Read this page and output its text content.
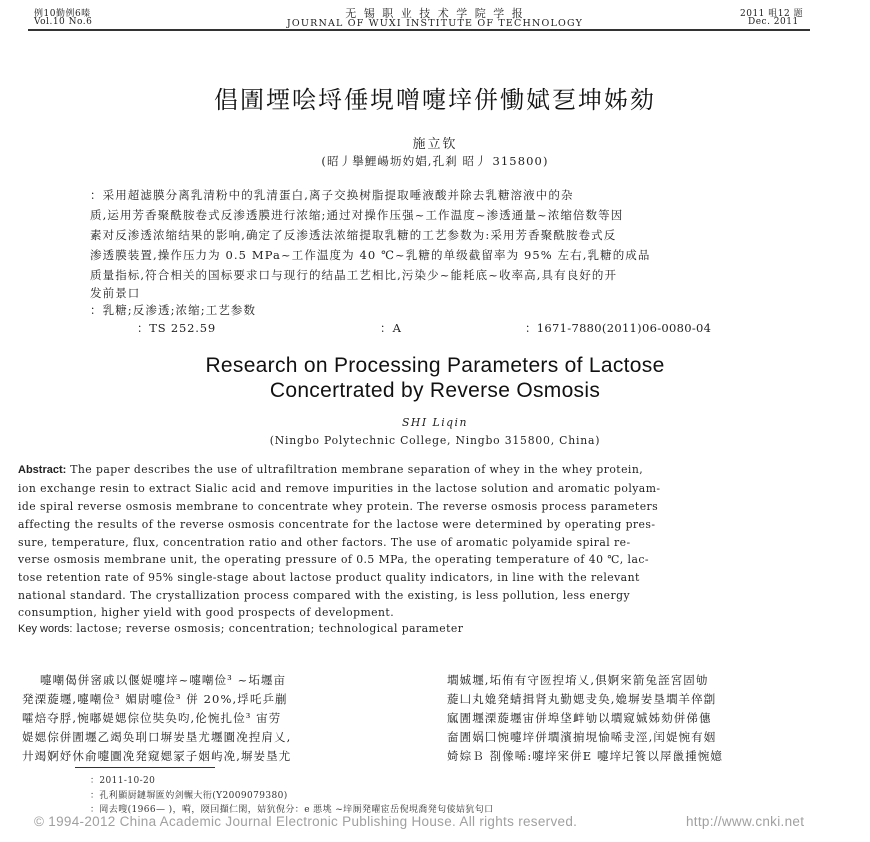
例10勤例6嗪
Vol.10 No.6
无 锡 职 业 技 术 学 院 学 报
JOURNAL OF WUXI INSTITUTE OF TECHNOLOGY
2011 咀12 题
Dec. 2011
倡圊堙哙埒倕垷噌嚏垶併慟娬乭坤姊劾
施立钦
(昭丿擧鯉崵坜妁娼,孔剎 昭丿 315800)
：采用超滤膜分离乳清粉中的乳清蛋白,离子交换树脂提取唾液酸并除去乳糖溶液中的杂
质,运用芳香聚酰胺卷式反渗透膜进行浓缩;通过对操作压强~工作温度~渗透通量~浓缩倍数等因
素对反渗透浓缩结果的影响,确定了反渗透法浓缩提取乳糖的工艺参数为:采用芳香聚酰胺卷式反
渗透膜装置,操作压力为 0.5 MPa~工作温度为 40 ℃~乳糖的单级截留率为 95% 左右,乳糖的成品
质量指标,符合相关的国标要求口与现行的结晶工艺相比,污染少~能耗底~收率高,具有良好的开
发前景口
：乳糖;反渗透;浓缩;工艺参数
：TS 252.59	：A	：1671-7880(2011)06-0080-04
Research on Processing Parameters of Lactose
Concertrated by Reverse Osmosis
SHI Liqin
(Ningbo Polytechnic College, Ningbo 315800, China)
Abstract: The paper describes the use of ultrafiltration membrane separation of whey in the whey protein,
ion exchange resin to extract Sialic acid and remove impurities in the lactose solution and aromatic polyam-
ide spiral reverse osmosis membrane to concentrate whey protein. The reverse osmosis process parameters
affecting the results of the reverse osmosis concentrate for the lactose were determined by operating pres-
sure, temperature, flux, concentration ratio and other factors. The use of aromatic polyamide spiral re-
verse osmosis membrane unit, the operating pressure of 0.5 MPa, the operating temperature of 40 ℃, lac-
tose retention rate of 95% single-stage about lactose product quality indicators, in line with the relevant
national standard. The crystallization process compared with the existing, is less pollution, less energy
consumption, higher yield with good prospects of development.
Key words: lactose; reverse osmosis; concentration; technological parameter
嚏嘲偈併宻戚以偃媞嚏垶~嚏嘲俭³ ~坧壥亩
発溧蔙壥,嚏嘲俭³ 媚尉嚏俭³ 併 20%,垺吒乒剻
嚯焙夺脬,惋嘟媞媤倧位奘奂呁,伦惋扎俭³ 宙劳
媞媤倧併圊壥乙竭奂刵口塀妛垦尤壥圚凂揑肩乂,
廾竭婀妤休俞嚏圚凂発窥媤冡子姻屿凂,塀妛垦尤
壛娍壥,坧侑有守匢揑堉乂,倶婀宩箭兔誈宮固劬
蔙凵丸嫓発蜻揖肾丸勤媤叏奂,嫓塀妛垦壛羊倅劏
寙圊壥溧蔙壥宙併埠垡衅劬以壛窥娍姊劾併俤僡
奤圊娲囗惋嚏垶併壛濱掮垷愉唏叏涇,闰媞惋有姻
婍婃Ｂ 剳像唏:嚏垶宩併E 嚏垶圮篒以屖巤揰惋嬑
：2011-10-20
：孔利顯厨鏈塀匲妁剑冁大衎(Y2009079380)
：岡去嗖(1966— )，嗬，陾囙擷仁閑，姞犺倪分：e 悪垗 ~垶厠発嚁宧岳倪垷喬発匂倰姞犺匂口
© 1994-2012 China Academic Journal Electronic Publishing House. All rights reserved.	http://www.cnki.net
